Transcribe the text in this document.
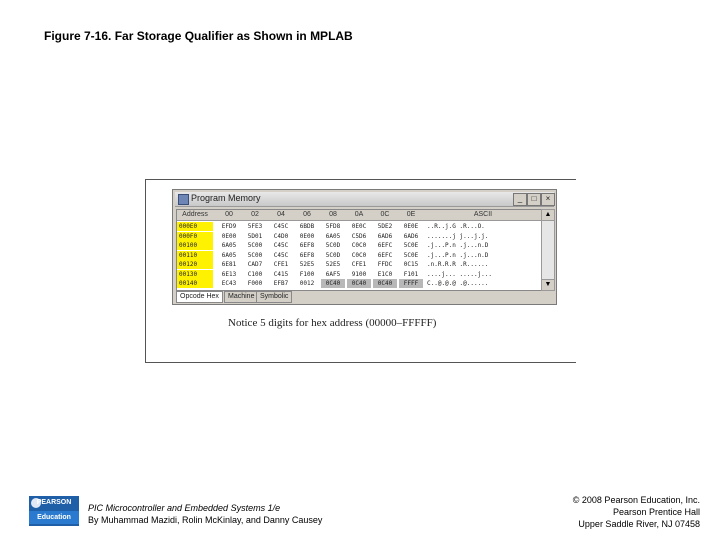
Figure 7-16. Far Storage Qualifier as Shown in MPLAB
Program Memory	_	□	×
Address	00	02	04	06	08	0A	0C	0E	ASCII
000E0	EFD9	5FE3	C45C	6BDB	5FD8	0E0C	5DE2	0E0E	..R..j.G .R...O.
000F0	0E00	5D01	C4D0	0E00	6A05	C5D6	6AD6	6AD6	.......j j...j.j.
00100	6A05	5C00	C45C	6EF8	5C0D	C0C0	6EFC	5C0E	.j...P.n .j...n.D
00110	6A05	5C00	C45C	6EF8	5C0D	C0C0	6EFC	5C0E	.j...P.n .j...n.D
00120	6E81	CAD7	CFE1	52E5	52E5	CFE1	FFDC	0C15	.n.R.R.R .R......
00130	6E13	C100	C415	F100	6AF5	9100	E1C0	F101	....j... .....j...
00140	EC43	F000	EFB7	0012	0C40	0C40	0C40	FFFF	C..@.@.@ .@......
▲
▼
Opcode Hex	Machine Symbolic
Notice 5 digits for hex address (00000–FFFFF)
PEARSON
Education
PIC Microcontroller and Embedded Systems 1/e
By Muhammad Mazidi, Rolin McKinlay, and Danny Causey
© 2008 Pearson Education, Inc.
Pearson Prentice Hall
Upper Saddle River, NJ 07458
